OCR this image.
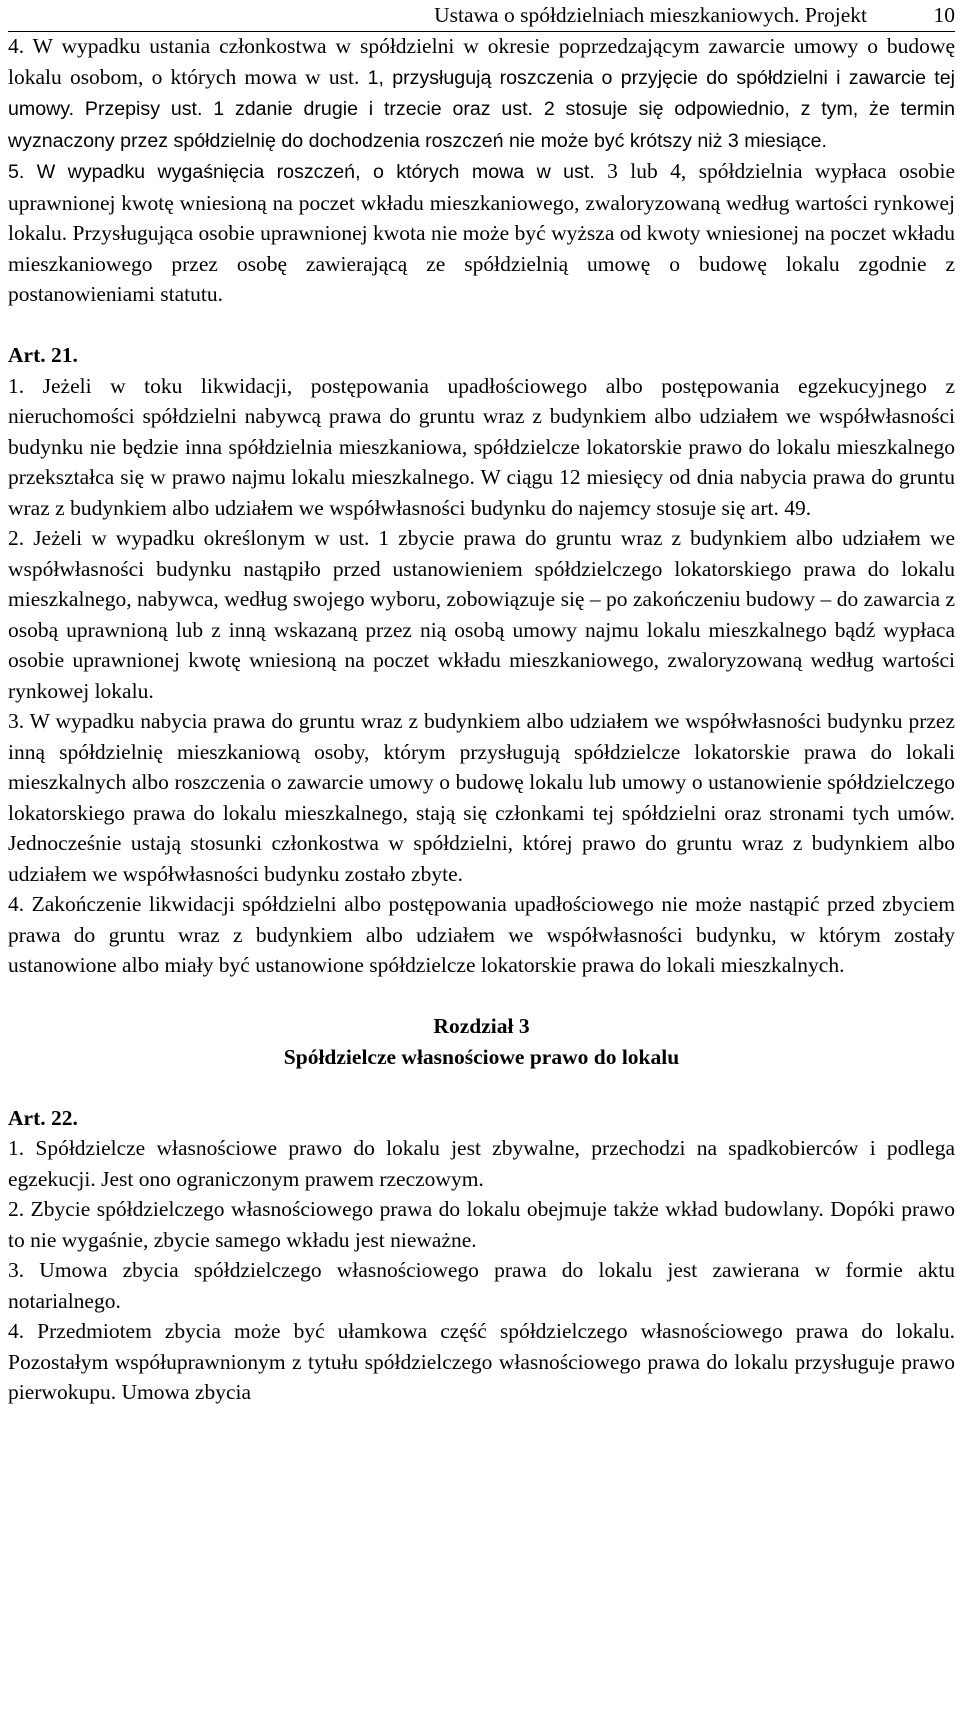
Ustawa o spółdzielniach mieszkaniowych. Projekt	10

4. W wypadku ustania członkostwa w spółdzielni w okresie poprzedzającym zawarcie umowy o budowę lokalu osobom, o których mowa w ust. 1, przysługują roszczenia o przyjęcie do spółdzielni i zawarcie tej umowy. Przepisy ust. 1 zdanie drugie i trzecie oraz ust. 2 stosuje się odpowiednio, z tym, że termin wyznaczony przez spółdzielnię do dochodzenia roszczeń nie może być krótszy niż 3 miesiące.

5. W wypadku wygaśnięcia roszczeń, o których mowa w ust. 3 lub 4, spółdzielnia wypłaca osobie uprawnionej kwotę wniesioną na poczet wkładu mieszkaniowego, zwaloryzowaną według wartości rynkowej lokalu. Przysługująca osobie uprawnionej kwota nie może być wyższa od kwoty wniesionej na poczet wkładu mieszkaniowego przez osobę zawierającą ze spółdzielnią umowę o budowę lokalu zgodnie z postanowieniami statutu.

Art. 21.

1. Jeżeli w toku likwidacji, postępowania upadłościowego albo postępowania egzekucyjnego z nieruchomości spółdzielni nabywcą prawa do gruntu wraz z budynkiem albo udziałem we współwłasności budynku nie będzie inna spółdzielnia mieszkaniowa, spółdzielcze lokatorskie prawo do lokalu mieszkalnego przekształca się w prawo najmu lokalu mieszkalnego. W ciągu 12 miesięcy od dnia nabycia prawa do gruntu wraz z budynkiem albo udziałem we współwłasności budynku do najemcy stosuje się art. 49.

2. Jeżeli w wypadku określonym w ust. 1 zbycie prawa do gruntu wraz z budynkiem albo udziałem we współwłasności budynku nastąpiło przed ustanowieniem spółdzielczego lokatorskiego prawa do lokalu mieszkalnego, nabywca, według swojego wyboru, zobowiązuje się – po zakończeniu budowy – do zawarcia z osobą uprawnioną lub z inną wskazaną przez nią osobą umowy najmu lokalu mieszkalnego bądź wypłaca osobie uprawnionej kwotę wniesioną na poczet wkładu mieszkaniowego, zwaloryzowaną według wartości rynkowej lokalu.

3. W wypadku nabycia prawa do gruntu wraz z budynkiem albo udziałem we współwłasności budynku przez inną spółdzielnię mieszkaniową osoby, którym przysługują spółdzielcze lokatorskie prawa do lokali mieszkalnych albo roszczenia o zawarcie umowy o budowę lokalu lub umowy o ustanowienie spółdzielczego lokatorskiego prawa do lokalu mieszkalnego, stają się członkami tej spółdzielni oraz stronami tych umów. Jednocześnie ustają stosunki członkostwa w spółdzielni, której prawo do gruntu wraz z budynkiem albo udziałem we współwłasności budynku zostało zbyte.

4. Zakończenie likwidacji spółdzielni albo postępowania upadłościowego nie może nastąpić przed zbyciem prawa do gruntu wraz z budynkiem albo udziałem we współwłasności budynku, w którym zostały ustanowione albo miały być ustanowione spółdzielcze lokatorskie prawa do lokali mieszkalnych.

Rozdział 3

Spółdzielcze własnościowe prawo do lokalu

Art. 22.

1. Spółdzielcze własnościowe prawo do lokalu jest zbywalne, przechodzi na spadkobierców i podlega egzekucji. Jest ono ograniczonym prawem rzeczowym.

2. Zbycie spółdzielczego własnościowego prawa do lokalu obejmuje także wkład budowlany. Dopóki prawo to nie wygaśnie, zbycie samego wkładu jest nieważne.

3. Umowa zbycia spółdzielczego własnościowego prawa do lokalu jest zawierana w formie aktu notarialnego.

4. Przedmiotem zbycia może być ułamkowa część spółdzielczego własnościowego prawa do lokalu. Pozostałym współuprawnionym z tytułu spółdzielczego własnościowego prawa do lokalu przysługuje prawo pierwokupu. Umowa zbycia
